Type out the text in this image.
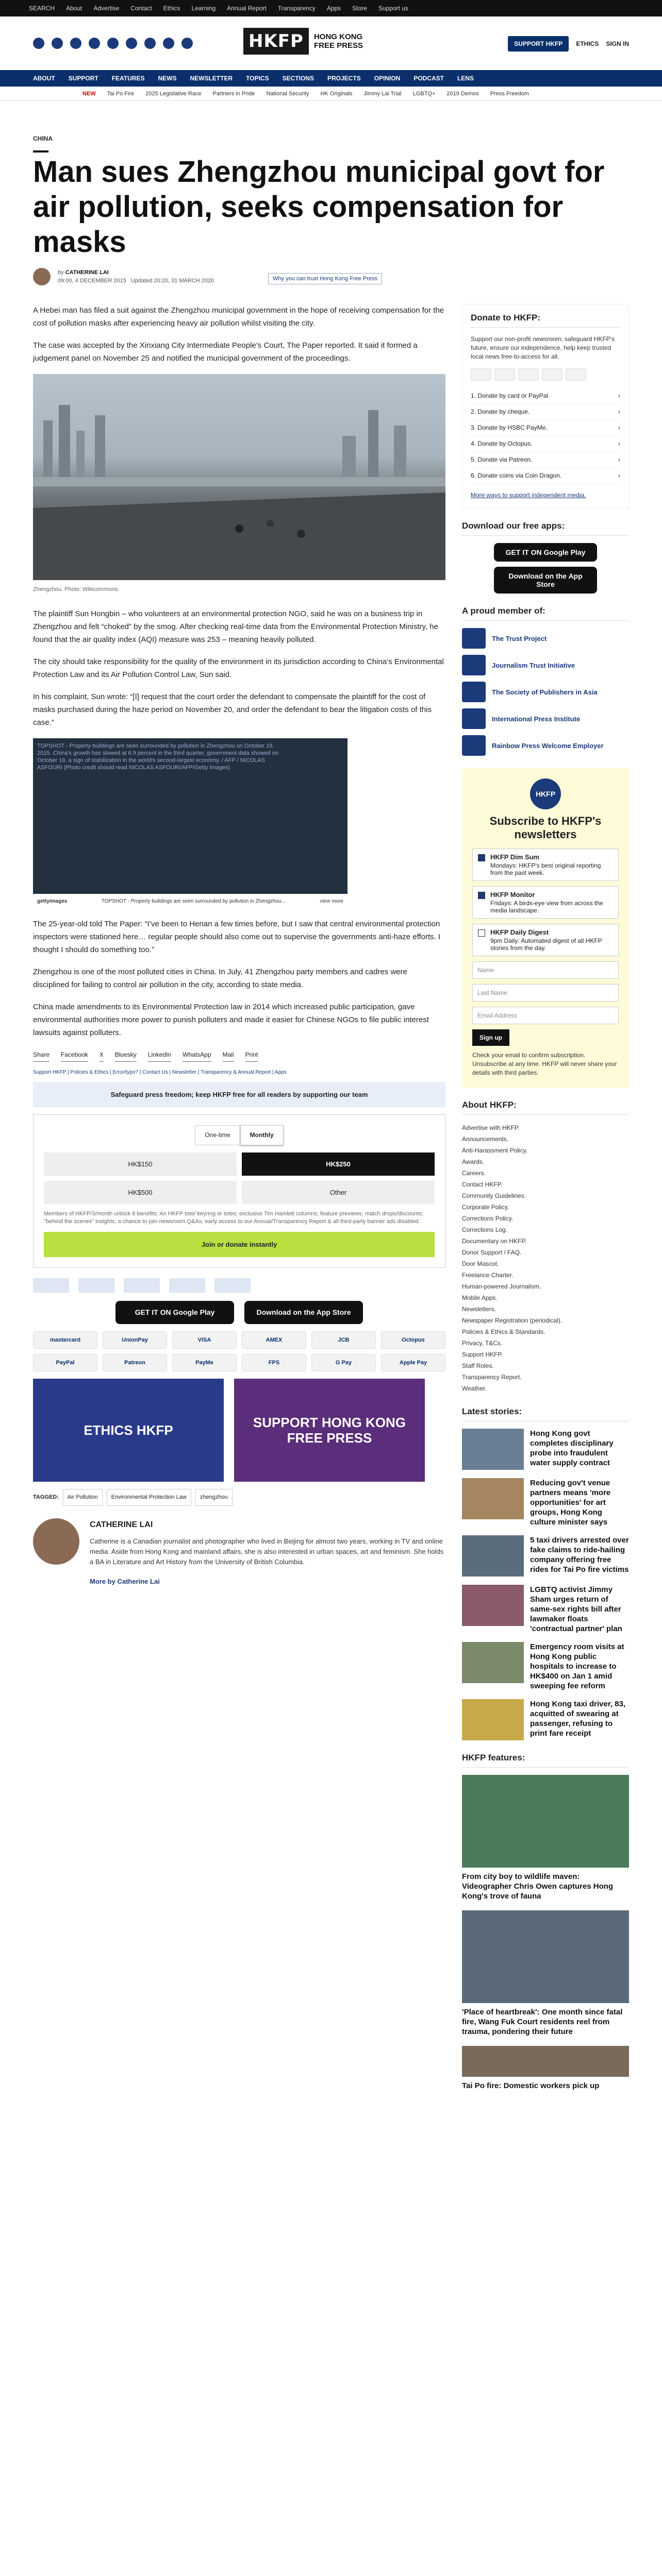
SEARCH About Advertise Contact Ethics Learning Annual Report Transparency Apps Store Support us
HKFP	HONG KONG
FREE PRESS	SUPPORT HKFP	ETHICS SIGN IN
ABOUT SUPPORT FEATURES NEWS NEWSLETTER TOPICS SECTIONS PROJECTS OPINION PODCAST LENS
NEW Tai Po Fire 2025 Legislative Race Partners in Pride National Security HK Originals Jimmy Lai Trial LGBTQ+ 2019 Demos Press Freedom
CHINA
Man sues Zhengzhou municipal govt for air pollution, seeks compensation for masks
by CATHERINE LAI
09:00, 4 DECEMBER 2015 Updated 20:20, 31 MARCH 2020	Why you can trust Hong Kong Free Press

A Hebei man has filed a suit against the Zhengzhou municipal government in the hope of receiving compensation for the cost of pollution masks after experiencing heavy air pollution whilst visiting the city.

The case was accepted by the Xinxiang City Intermediate People’s Court, The Paper reported. It said it formed a judgement panel on November 25 and notified the municipal government of the proceedings.

Zhengzhou. Photo: Wikicommons.

The plaintiff Sun Hongbin – who volunteers at an environmental protection NGO, said he was on a business trip in Zhengzhou and felt “choked” by the smog. After checking real-time data from the Environmental Protection Ministry, he found that the air quality index (AQI) measure was 253 – meaning heavily polluted.

The city should take responsibility for the quality of the environment in its jurisdiction according to China’s Environmental Protection Law and its Air Pollution Control Law, Sun said.

In his complaint, Sun wrote: “[I] request that the court order the defendant to compensate the plaintiff for the cost of masks purchased during the haze period on November 20, and order the defendant to bear the litigation costs of this case.”

TOPSHOT - Property buildings are seen surrounded by pollution in Zhengzhou on October 19, 2015. China's growth has slowed at 6.9 percent in the third quarter, government data showed on October 19, a sign of stabilization in the world's second-largest economy. / AFP / NICOLAS ASFOURI (Photo credit should read NICOLAS ASFOURI/AFP/Getty Images)
gettyimages	TOPSHOT - Property buildings are seen surrounded by pollution in Zhengzhou...	view more

The 25-year-old told The Paper: “I’ve been to Henan a few times before, but I saw that central environmental protection inspectors were stationed here… regular people should also come out to supervise the governments anti-haze efforts. I thought I should do something too.”

Zhengzhou is one of the most polluted cities in China. In July, 41 Zhengzhou party members and cadres were disciplined for failing to control air pollution in the city, according to state media.

China made amendments to its Environmental Protection law in 2014 which increased public participation, gave environmental authorities more power to punish polluters and made it easier for Chinese NGOs to file public interest lawsuits against polluters.

Share Facebook X Bluesky LinkedIn WhatsApp Mail Print
Support HKFP | Policies & Ethics | Error/typo? | Contact Us | Newsletter | Transparency & Annual Report | Apps
Safeguard press freedom; keep HKFP free for all readers by supporting our team
One-time	Monthly
HK$150	HK$250
HK$500	Other
Members of HKFP/3/month unlock 8 benefits: An HKFP tote/ keyring or totes; exclusive Tim Hamlett columns; feature previews; match drops/discounts; "behind the scenes" insights; a chance to join newsroom Q&As; early access to our Annual/Transparency Report & all third-party banner ads disabled.
Join or donate instantly
GET IT ON Google Play	Download on the App Store
mastercard	UnionPay	VISA	AMEX	JCB	Octopus
PayPal	Patreon	PayMe	FPS	G Pay	Apple Pay
ETHICS HKFP	SUPPORT HONG KONG FREE PRESS
TAGGED:	Air Pollution	Environmental Protection Law	zhengzhou
CATHERINE LAI

Catherine is a Canadian journalist and photographer who lived in Beijing for almost two years, working in TV and online media. Aside from Hong Kong and mainland affairs, she is also interested in urban spaces, art and feminism. She holds a BA in Literature and Art History from the University of British Columbia.

More by Catherine Lai

Donate to HKFP:

Support our non-profit newsroom; safeguard HKFP's future, ensure our independence, help keep trusted local news free-to-access for all.

1. Donate by card or PayPal.	›
2. Donate by cheque.	›
3. Donate by HSBC PayMe.	›
4. Donate by Octopus.	›
5. Donate via Patreon.	›
6. Donate coins via Coin Dragon.	›

More ways to support independent media.

Download our free apps:
GET IT ON Google Play
Download on the App Store
A proud member of:
The Trust Project
Journalism Trust Initiative
The Society of Publishers in Asia
International Press Institute
Rainbow Press Welcome Employer
HKFP
Subscribe to HKFP's newsletters
HKFP Dim Sum
Mondays: HKFP's best original reporting from the past week.
HKFP Monitor
Fridays: A birds-eye view from across the media landscape.
HKFP Daily Digest
9pm Daily: Automated digest of all HKFP stories from the day.
Name
Last Name
Email Address
Sign up

Check your email to confirm subscription. Unsubscribe at any time. HKFP will never share your details with third parties.

About HKFP:
Advertise with HKFP.
Announcements.
Anti-Harassment Policy.
Awards.
Careers.
Contact HKFP.
Community Guidelines.
Corporate Policy.
Corrections Policy.
Corrections Log.
Documentary on HKFP.
Donor Support / FAQ.
Door Mascot.
Freelance Charter.
Human-powered Journalism.
Mobile Apps.
Newsletters.
Newspaper Registration (periodical).
Policies & Ethics & Standards.
Privacy, T&Cs.
Support HKFP.
Staff Roles.
Transparency Report.
Weather.
Latest stories:
Hong Kong govt completes disciplinary probe into fraudulent water supply contract
Reducing gov't venue partners means 'more opportunities' for art groups, Hong Kong culture minister says
5 taxi drivers arrested over fake claims to ride-hailing company offering free rides for Tai Po fire victims
LGBTQ activist Jimmy Sham urges return of same-sex rights bill after lawmaker floats 'contractual partner' plan
Emergency room visits at Hong Kong public hospitals to increase to HK$400 on Jan 1 amid sweeping fee reform
Hong Kong taxi driver, 83, acquitted of swearing at passenger, refusing to print fare receipt
HKFP features:
From city boy to wildlife maven: Videographer Chris Owen captures Hong Kong's trove of fauna
'Place of heartbreak': One month since fatal fire, Wang Fuk Court residents reel from trauma, pondering their future
Tai Po fire: Domestic workers pick up
